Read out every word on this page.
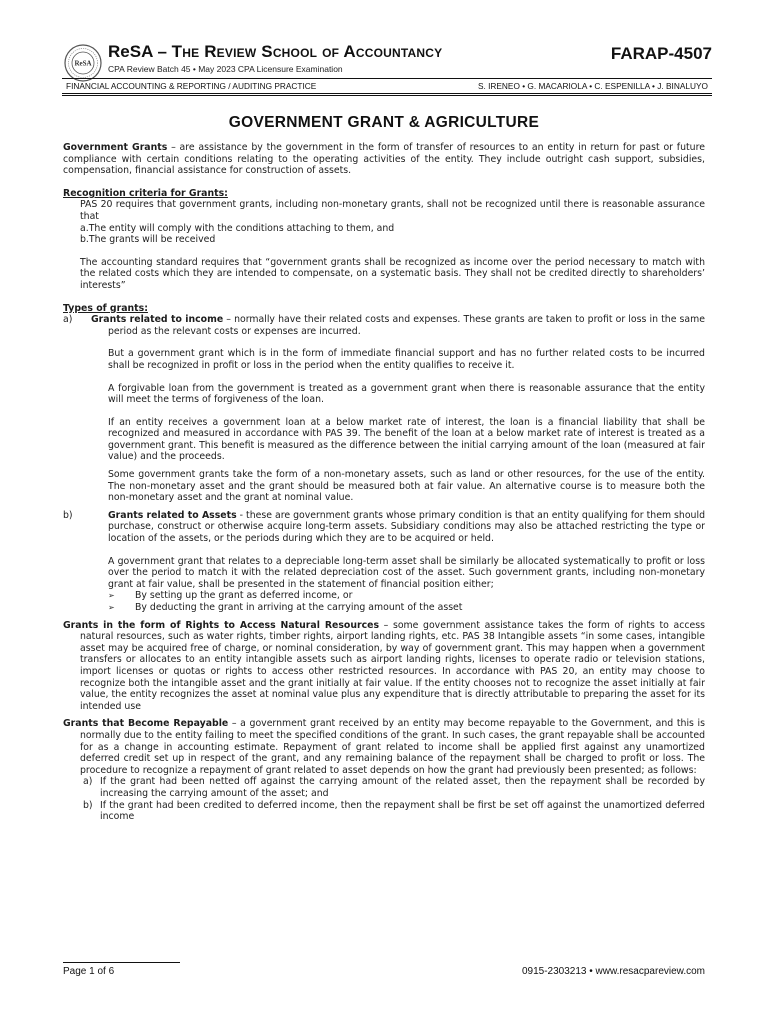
ReSA
ReSA – The Review School of Accountancy	FARAP-4507
CPA Review Batch 45 • May 2023 CPA Licensure Examination
FINANCIAL ACCOUNTING & REPORTING / AUDITING PRACTICE	S. IRENEO • G. MACARIOLA • C. ESPENILLA • J. BINALUYO
GOVERNMENT GRANT & AGRICULTURE

Government Grants – are assistance by the government in the form of transfer of resources to an entity in return for past or future compliance with certain conditions relating to the operating activities of the entity. They include outright cash support, subsidies, compensation, financial assistance for construction of assets.

Recognition criteria for Grants:

PAS 20 requires that government grants, including non-monetary grants, shall not be recognized until there is reasonable assurance that

a.The entity will comply with the conditions attaching to them, and

b.The grants will be received

The accounting standard requires that “government grants shall be recognized as income over the period necessary to match with the related costs which they are intended to compensate, on a systematic basis. They shall not be credited directly to shareholders’ interests”

Types of grants:

a) Grants related to income – normally have their related costs and expenses. These grants are taken to profit or loss in the same period as the relevant costs or expenses are incurred.

But a government grant which is in the form of immediate financial support and has no further related costs to be incurred shall be recognized in profit or loss in the period when the entity qualifies to receive it.

A forgivable loan from the government is treated as a government grant when there is reasonable assurance that the entity will meet the terms of forgiveness of the loan.

If an entity receives a government loan at a below market rate of interest, the loan is a financial liability that shall be recognized and measured in accordance with PAS 39. The benefit of the loan at a below market rate of interest is treated as a government grant. This benefit is measured as the difference between the initial carrying amount of the loan (measured at fair value) and the proceeds.

Some government grants take the form of a non-monetary assets, such as land or other resources, for the use of the entity. The non-monetary asset and the grant should be measured both at fair value. An alternative course is to measure both the non-monetary asset and the grant at nominal value.

b)	Grants related to Assets - these are government grants whose primary condition is that an entity qualifying for them should purchase, construct or otherwise acquire long-term assets. Subsidiary conditions may also be attached restricting the type or location of the assets, or the periods during which they are to be acquired or held.

A government grant that relates to a depreciable long-term asset shall be similarly be allocated systematically to profit or loss over the period to match it with the related depreciation cost of the asset. Such government grants, including non-monetary grant at fair value, shall be presented in the statement of financial position either;

➢ By setting up the grant as deferred income, or

➢ By deducting the grant in arriving at the carrying amount of the asset

Grants in the form of Rights to Access Natural Resources – some government assistance takes the form of rights to access natural resources, such as water rights, timber rights, airport landing rights, etc. PAS 38 Intangible assets “in some cases, intangible asset may be acquired free of charge, or nominal consideration, by way of government grant. This may happen when a government transfers or allocates to an entity intangible assets such as airport landing rights, licenses to operate radio or television stations, import licenses or quotas or rights to access other restricted resources. In accordance with PAS 20, an entity may choose to recognize both the intangible asset and the grant initially at fair value. If the entity chooses not to recognize the asset initially at fair value, the entity recognizes the asset at nominal value plus any expenditure that is directly attributable to preparing the asset for its intended use

Grants that Become Repayable – a government grant received by an entity may become repayable to the Government, and this is normally due to the entity failing to meet the specified conditions of the grant. In such cases, the grant repayable shall be accounted for as a change in accounting estimate. Repayment of grant related to income shall be applied first against any unamortized deferred credit set up in respect of the grant, and any remaining balance of the repayment shall be charged to profit or loss. The procedure to recognize a repayment of grant related to asset depends on how the grant had previously been presented; as follows:

a) If the grant had been netted off against the carrying amount of the related asset, then the repayment shall be recorded by increasing the carrying amount of the asset; and

b) If the grant had been credited to deferred income, then the repayment shall be first be set off against the unamortized deferred income

Page 1 of 6	0915-2303213 • www.resacpareview.com
